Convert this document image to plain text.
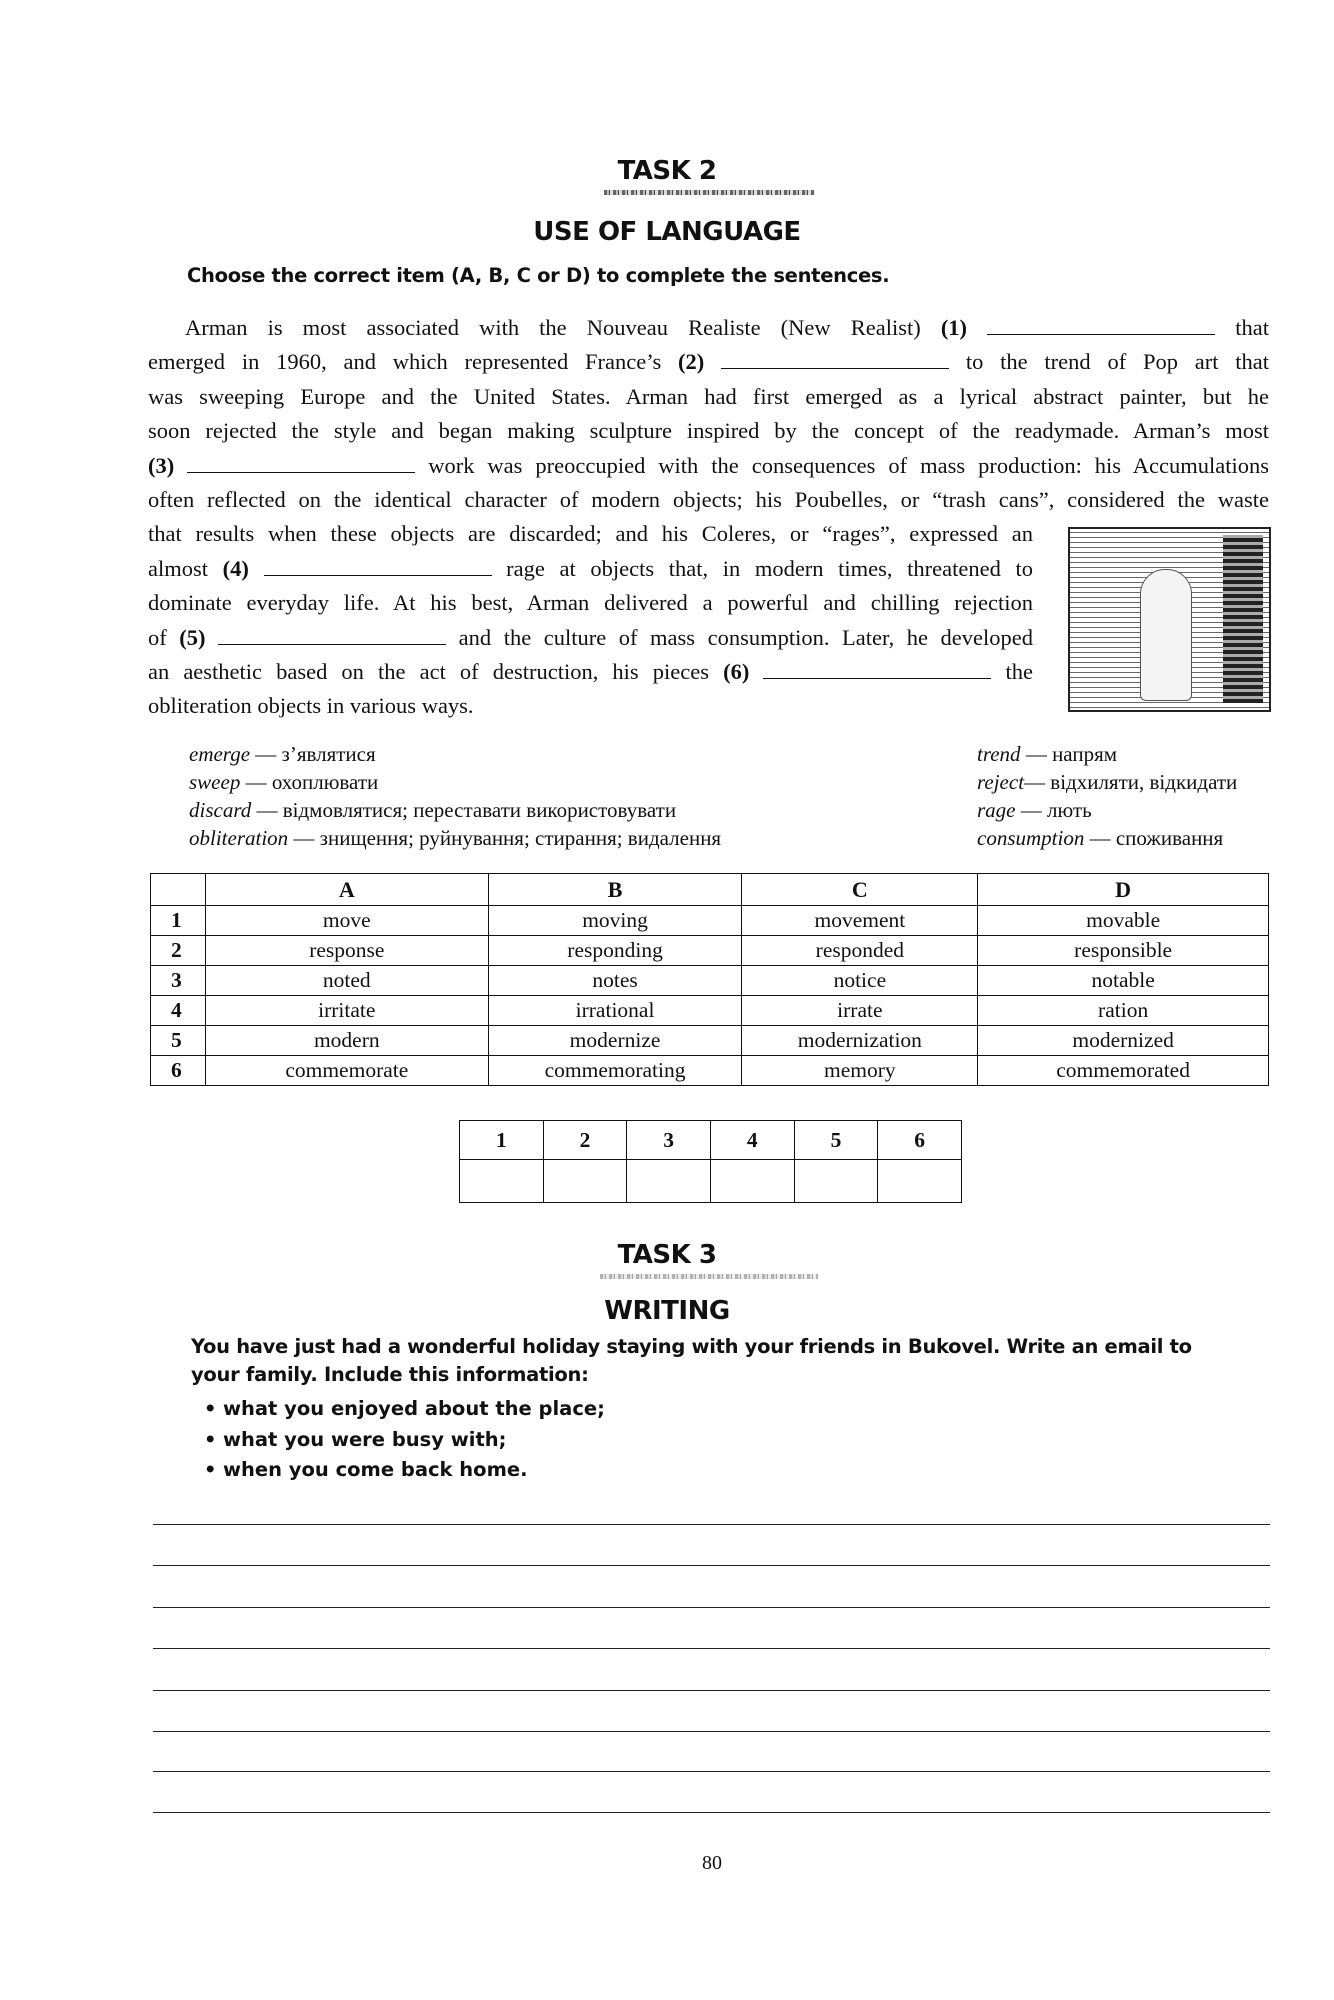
TASK 2
USE OF LANGUAGE
Choose the correct item (A, B, C or D) to complete the sentences.
Arman is most associated with the Nouveau Realiste (New Realist) (1)	that
emerged in 1960, and which represented France’s (2)	to the trend of Pop art that
was sweeping Europe and the United States. Arman had first emerged as a lyrical abstract painter, but he
soon rejected the style and began making sculpture inspired by the concept of the readymade. Arman’s most
(3)	work was preoccupied with the consequences of mass production: his Accumulations
often reflected on the identical character of modern objects; his Poubelles, or “trash cans”, considered the waste
that results when these objects are discarded; and his Coleres, or “rages”, expressed an
almost (4)	rage at objects that, in modern times, threatened to
dominate everyday life. At his best, Arman delivered a powerful and chilling rejection
of (5)	and the culture of mass consumption. Later, he developed
an aesthetic based on the act of destruction, his pieces (6)	the
obliteration objects in various ways.
emerge — з’являтися
sweep — охоплювати
discard — відмовлятися; переставати використовувати
obliteration — знищення; руйнування; стирання; видалення
trend — напрям
reject— відхиляти, відкидати
rage — лють
consumption — споживання
	A	B	C	D
1	move	moving	movement	movable
2	response	responding	responded	responsible
3	noted	notes	notice	notable
4	irritate	irrational	irrate	ration
5	modern	modernize	modernization	modernized
6	commemorate	commemorating	memory	commemorated
1	2	3	4	5	6

TASK 3
WRITING
You have just had a wonderful holiday staying with your friends in Bukovel. Write an email to
your family. Include this information:
• what you enjoyed about the place;
• what you were busy with;
• when you come back home.
80
